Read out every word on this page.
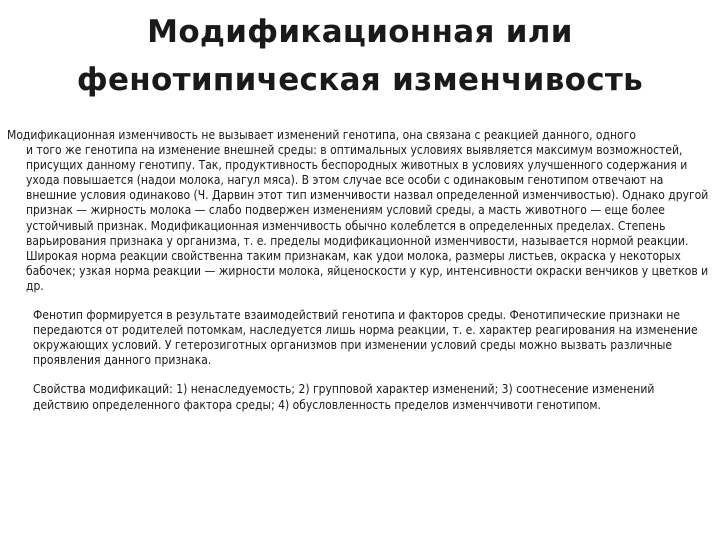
Модификационная или
фенотипическая изменчивость

Модификационная изменчивость не вызывает изменений генотипа, она связана с реакцией данного, одного
и того же генотипа на изменение внешней среды: в оптимальных условиях выявляется максимум возможностей, присущих данному генотипу. Так, продуктивность беспородных животных в условиях улучшенного содержания и ухода повышается (надои молока, нагул мяса). В этом случае все особи с одинаковым генотипом отвечают на внешние условия одинаково (Ч. Дарвин этот тип изменчивости назвал определенной изменчивостью). Однако другой признак — жирность молока — слабо подвержен изменениям условий среды, а масть животного — еще более устойчивый признак. Модификационная изменчивость обычно колеблется в определенных пределах. Степень варьирования признака у организма, т. е. пределы модификационной изменчивости, называется нормой реакции. Широкая норма реакции свойственна таким признакам, как удои молока, размеры листьев, окраска у некоторых бабочек; узкая норма реакции — жирности молока, яйценоскости у кур, интенсивности окраски венчиков у цветков и др.

Фенотип формируется в результате взаимодействий генотипа и факторов среды. Фенотипические признаки не передаются от родителей потомкам, наследуется лишь норма реакции, т. е. характер реагирования на изменение окружающих условий. У гетерозиготных организмов при изменении условий среды можно вызвать различные проявления данного признака.

Свойства модификаций: 1) ненаследуемость; 2) групповой характер изменений; 3) соотнесение изменений действию определенного фактора среды; 4) обусловленность пределов изменччивоти генотипом.
